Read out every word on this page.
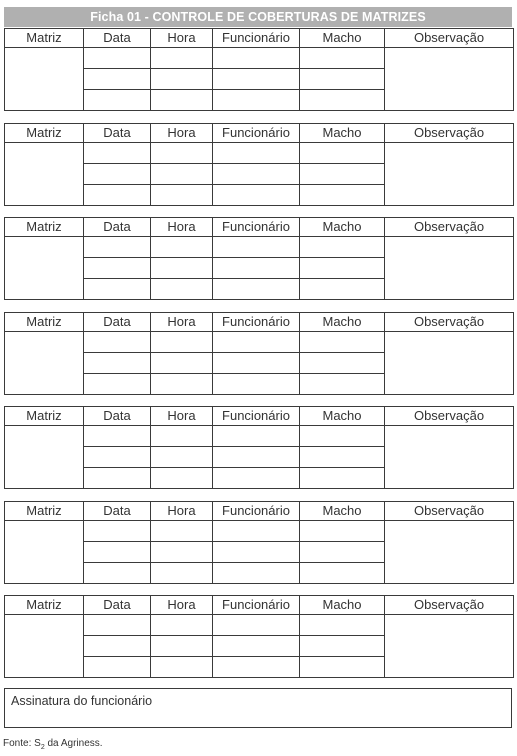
Ficha 01 - CONTROLE DE COBERTURAS DE MATRIZES
Matriz	Data	Hora	Funcionário	Macho	Observação

Matriz	Data	Hora	Funcionário	Macho	Observação

Matriz	Data	Hora	Funcionário	Macho	Observação

Matriz	Data	Hora	Funcionário	Macho	Observação

Matriz	Data	Hora	Funcionário	Macho	Observação

Matriz	Data	Hora	Funcionário	Macho	Observação

Matriz	Data	Hora	Funcionário	Macho	Observação

Assinatura do funcionário
Fonte: $S_2$ da Agriness.
